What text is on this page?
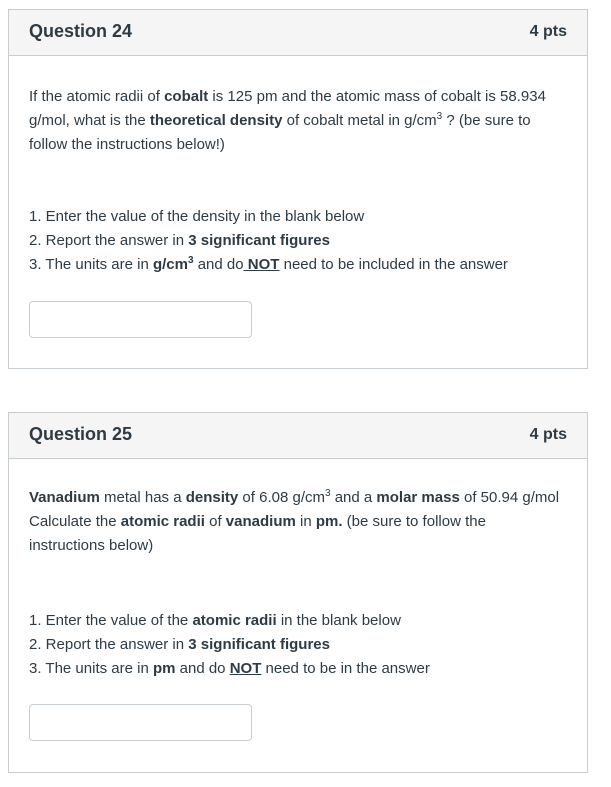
Question 24	4 pts

If the atomic radii of cobalt is 125 pm and the atomic mass of cobalt is 58.934 g/mol, what is the theoretical density of cobalt metal in $g/cm^3$ ? (be sure to follow the instructions below!)

1. Enter the value of the density in the blank below
2. Report the answer in 3 significant figures
3. The units are in $g/cm^3$ and do NOT need to be included in the answer
Question 25	4 pts

Vanadium metal has a density of 6.08 $g/cm^3$ and a molar mass of 50.94 g/mol Calculate the atomic radii of vanadium in pm. (be sure to follow the instructions below)

1. Enter the value of the atomic radii in the blank below
2. Report the answer in 3 significant figures
3. The units are in pm and do NOT need to be in the answer
